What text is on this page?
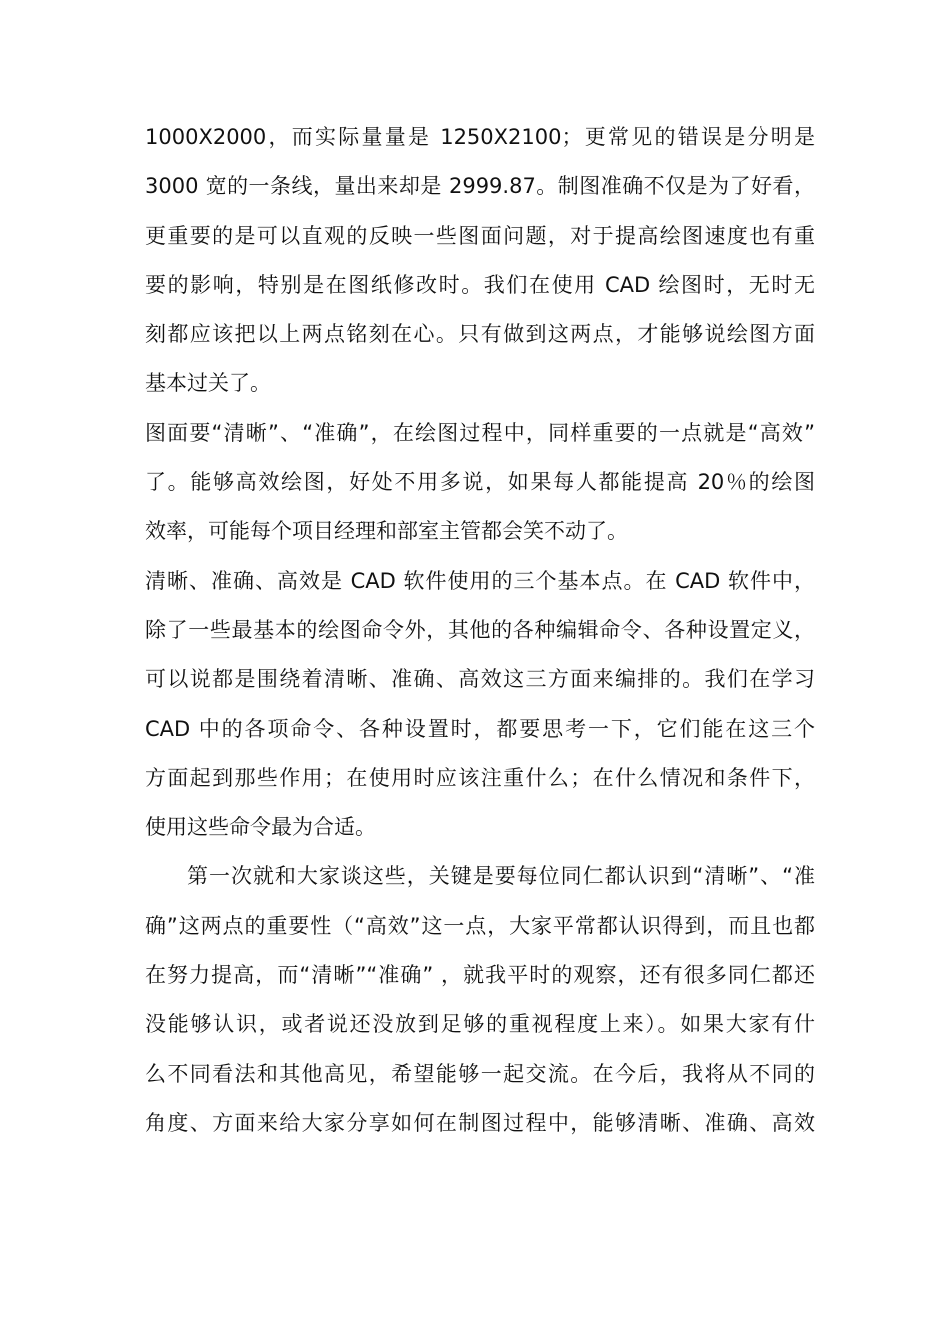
1000X2000，而实际量量是 1250X2100；更常见的错误是分明是
3000 宽的一条线，量出来却是 2999.87。制图准确不仅是为了好看，
更重要的是可以直观的反映一些图面问题，对于提高绘图速度也有重
要的影响，特别是在图纸修改时。我们在使用 CAD 绘图时，无时无
刻都应该把以上两点铭刻在心。只有做到这两点，才能够说绘图方面
基本过关了。
图面要“清晰”、“准确”，在绘图过程中，同样重要的一点就是“高效”
了。能够高效绘图，好处不用多说，如果每人都能提高 20％的绘图
效率，可能每个项目经理和部室主管都会笑不动了。
清晰、准确、高效是 CAD 软件使用的三个基本点。在 CAD 软件中，
除了一些最基本的绘图命令外，其他的各种编辑命令、各种设置定义，
可以说都是围绕着清晰、准确、高效这三方面来编排的。我们在学习
CAD 中的各项命令、各种设置时，都要思考一下，它们能在这三个
方面起到那些作用；在使用时应该注重什么；在什么情况和条件下，
使用这些命令最为合适。
第一次就和大家谈这些，关键是要每位同仁都认识到“清晰”、“准
确”这两点的重要性（“高效”这一点，大家平常都认识得到，而且也都
在努力提高，而“清晰”“准确” ，就我平时的观察，还有很多同仁都还
没能够认识，或者说还没放到足够的重视程度上来）。如果大家有什
么不同看法和其他高见，希望能够一起交流。在今后，我将从不同的
角度、方面来给大家分享如何在制图过程中，能够清晰、准确、高效
